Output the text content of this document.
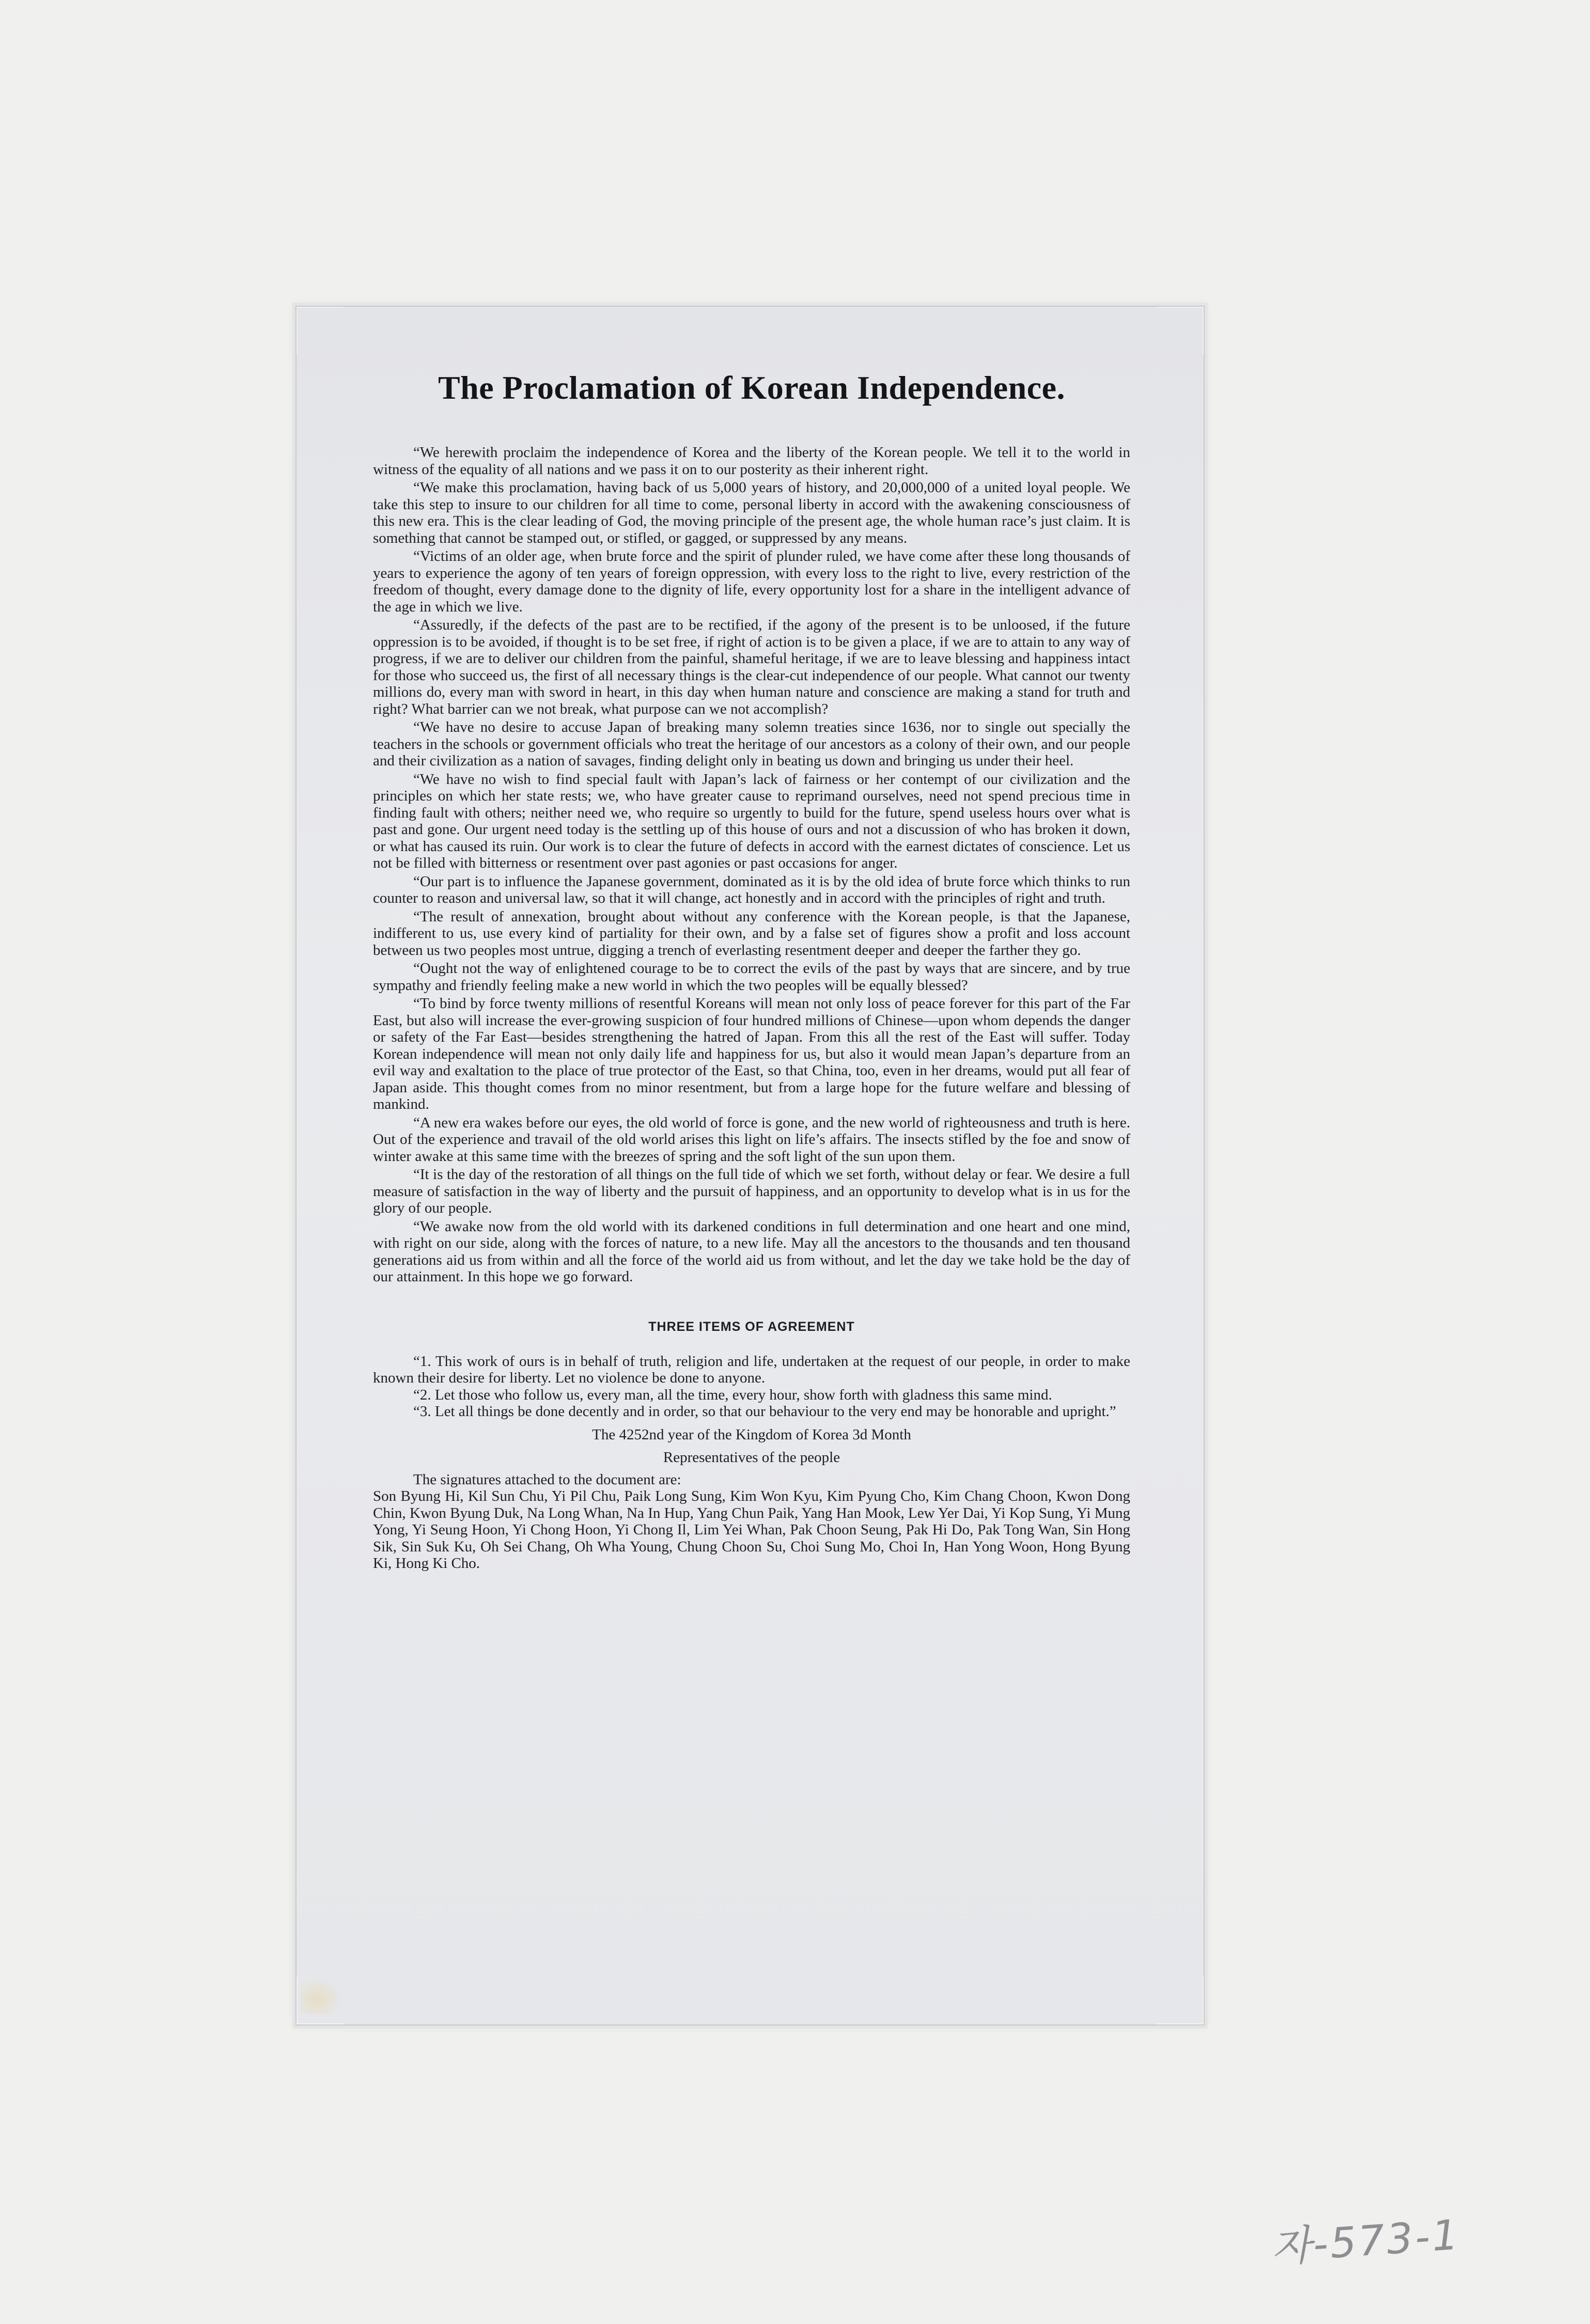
The Proclamation of Korean Independence.

“We herewith proclaim the independence of Korea and the liberty of the Korean people. We tell it to the world in witness of the equality of all nations and we pass it on to our posterity as their inherent right.

“We make this proclamation, having back of us 5,000 years of history, and 20,000,000 of a united loyal people. We take this step to insure to our children for all time to come, personal liberty in accord with the awakening consciousness of this new era. This is the clear leading of God, the moving principle of the present age, the whole human race’s just claim. It is something that cannot be stamped out, or stifled, or gagged, or suppressed by any means.

“Victims of an older age, when brute force and the spirit of plunder ruled, we have come after these long thousands of years to experience the agony of ten years of foreign oppression, with every loss to the right to live, every restriction of the freedom of thought, every damage done to the dignity of life, every opportunity lost for a share in the intelligent advance of the age in which we live.

“Assuredly, if the defects of the past are to be rectified, if the agony of the present is to be unloosed, if the future oppression is to be avoided, if thought is to be set free, if right of action is to be given a place, if we are to attain to any way of progress, if we are to deliver our children from the painful, shameful heritage, if we are to leave blessing and happiness intact for those who succeed us, the first of all necessary things is the clear-cut independence of our people. What cannot our twenty millions do, every man with sword in heart, in this day when human nature and conscience are making a stand for truth and right? What barrier can we not break, what purpose can we not accomplish?

“We have no desire to accuse Japan of breaking many solemn treaties since 1636, nor to single out specially the teachers in the schools or government officials who treat the heritage of our ancestors as a colony of their own, and our people and their civilization as a nation of savages, finding delight only in beating us down and bringing us under their heel.

“We have no wish to find special fault with Japan’s lack of fairness or her contempt of our civilization and the principles on which her state rests; we, who have greater cause to reprimand ourselves, need not spend precious time in finding fault with others; neither need we, who require so urgently to build for the future, spend useless hours over what is past and gone. Our urgent need today is the settling up of this house of ours and not a discussion of who has broken it down, or what has caused its ruin. Our work is to clear the future of defects in accord with the earnest dictates of conscience. Let us not be filled with bitterness or resentment over past agonies or past occasions for anger.

“Our part is to influence the Japanese government, dominated as it is by the old idea of brute force which thinks to run counter to reason and universal law, so that it will change, act honestly and in accord with the principles of right and truth.

“The result of annexation, brought about without any conference with the Korean people, is that the Japanese, indifferent to us, use every kind of partiality for their own, and by a false set of figures show a profit and loss account between us two peoples most untrue, digging a trench of everlasting resentment deeper and deeper the farther they go.

“Ought not the way of enlightened courage to be to correct the evils of the past by ways that are sincere, and by true sympathy and friendly feeling make a new world in which the two peoples will be equally blessed?

“To bind by force twenty millions of resentful Koreans will mean not only loss of peace forever for this part of the Far East, but also will increase the ever-growing suspicion of four hundred millions of Chinese—upon whom depends the danger or safety of the Far East—besides strengthening the hatred of Japan. From this all the rest of the East will suffer. Today Korean independence will mean not only daily life and happiness for us, but also it would mean Japan’s departure from an evil way and exaltation to the place of true protector of the East, so that China, too, even in her dreams, would put all fear of Japan aside. This thought comes from no minor resentment, but from a large hope for the future welfare and blessing of mankind.

“A new era wakes before our eyes, the old world of force is gone, and the new world of righteousness and truth is here. Out of the experience and travail of the old world arises this light on life’s affairs. The insects stifled by the foe and snow of winter awake at this same time with the breezes of spring and the soft light of the sun upon them.

“It is the day of the restoration of all things on the full tide of which we set forth, without delay or fear. We desire a full measure of satisfaction in the way of liberty and the pursuit of happiness, and an opportunity to develop what is in us for the glory of our people.

“We awake now from the old world with its darkened conditions in full determination and one heart and one mind, with right on our side, along with the forces of nature, to a new life. May all the ancestors to the thousands and ten thousand generations aid us from within and all the force of the world aid us from without, and let the day we take hold be the day of our attainment. In this hope we go forward.

THREE ITEMS OF AGREEMENT

“1. This work of ours is in behalf of truth, religion and life, undertaken at the request of our people, in order to make known their desire for liberty. Let no violence be done to anyone.

“2. Let those who follow us, every man, all the time, every hour, show forth with gladness this same mind.

“3. Let all things be done decently and in order, so that our behaviour to the very end may be honorable and upright.”

The 4252nd year of the Kingdom of Korea 3d Month
Representatives of the people

The signatures attached to the document are:

Son Byung Hi, Kil Sun Chu, Yi Pil Chu, Paik Long Sung, Kim Won Kyu, Kim Pyung Cho, Kim Chang Choon, Kwon Dong Chin, Kwon Byung Duk, Na Long Whan, Na In Hup, Yang Chun Paik, Yang Han Mook, Lew Yer Dai, Yi Kop Sung, Yi Mung Yong, Yi Seung Hoon, Yi Chong Hoon, Yi Chong Il, Lim Yei Whan, Pak Choon Seung, Pak Hi Do, Pak Tong Wan, Sin Hong Sik, Sin Suk Ku, Oh Sei Chang, Oh Wha Young, Chung Choon Su, Choi Sung Mo, Choi In, Han Yong Woon, Hong Byung Ki, Hong Ki Cho.

자-573-1
